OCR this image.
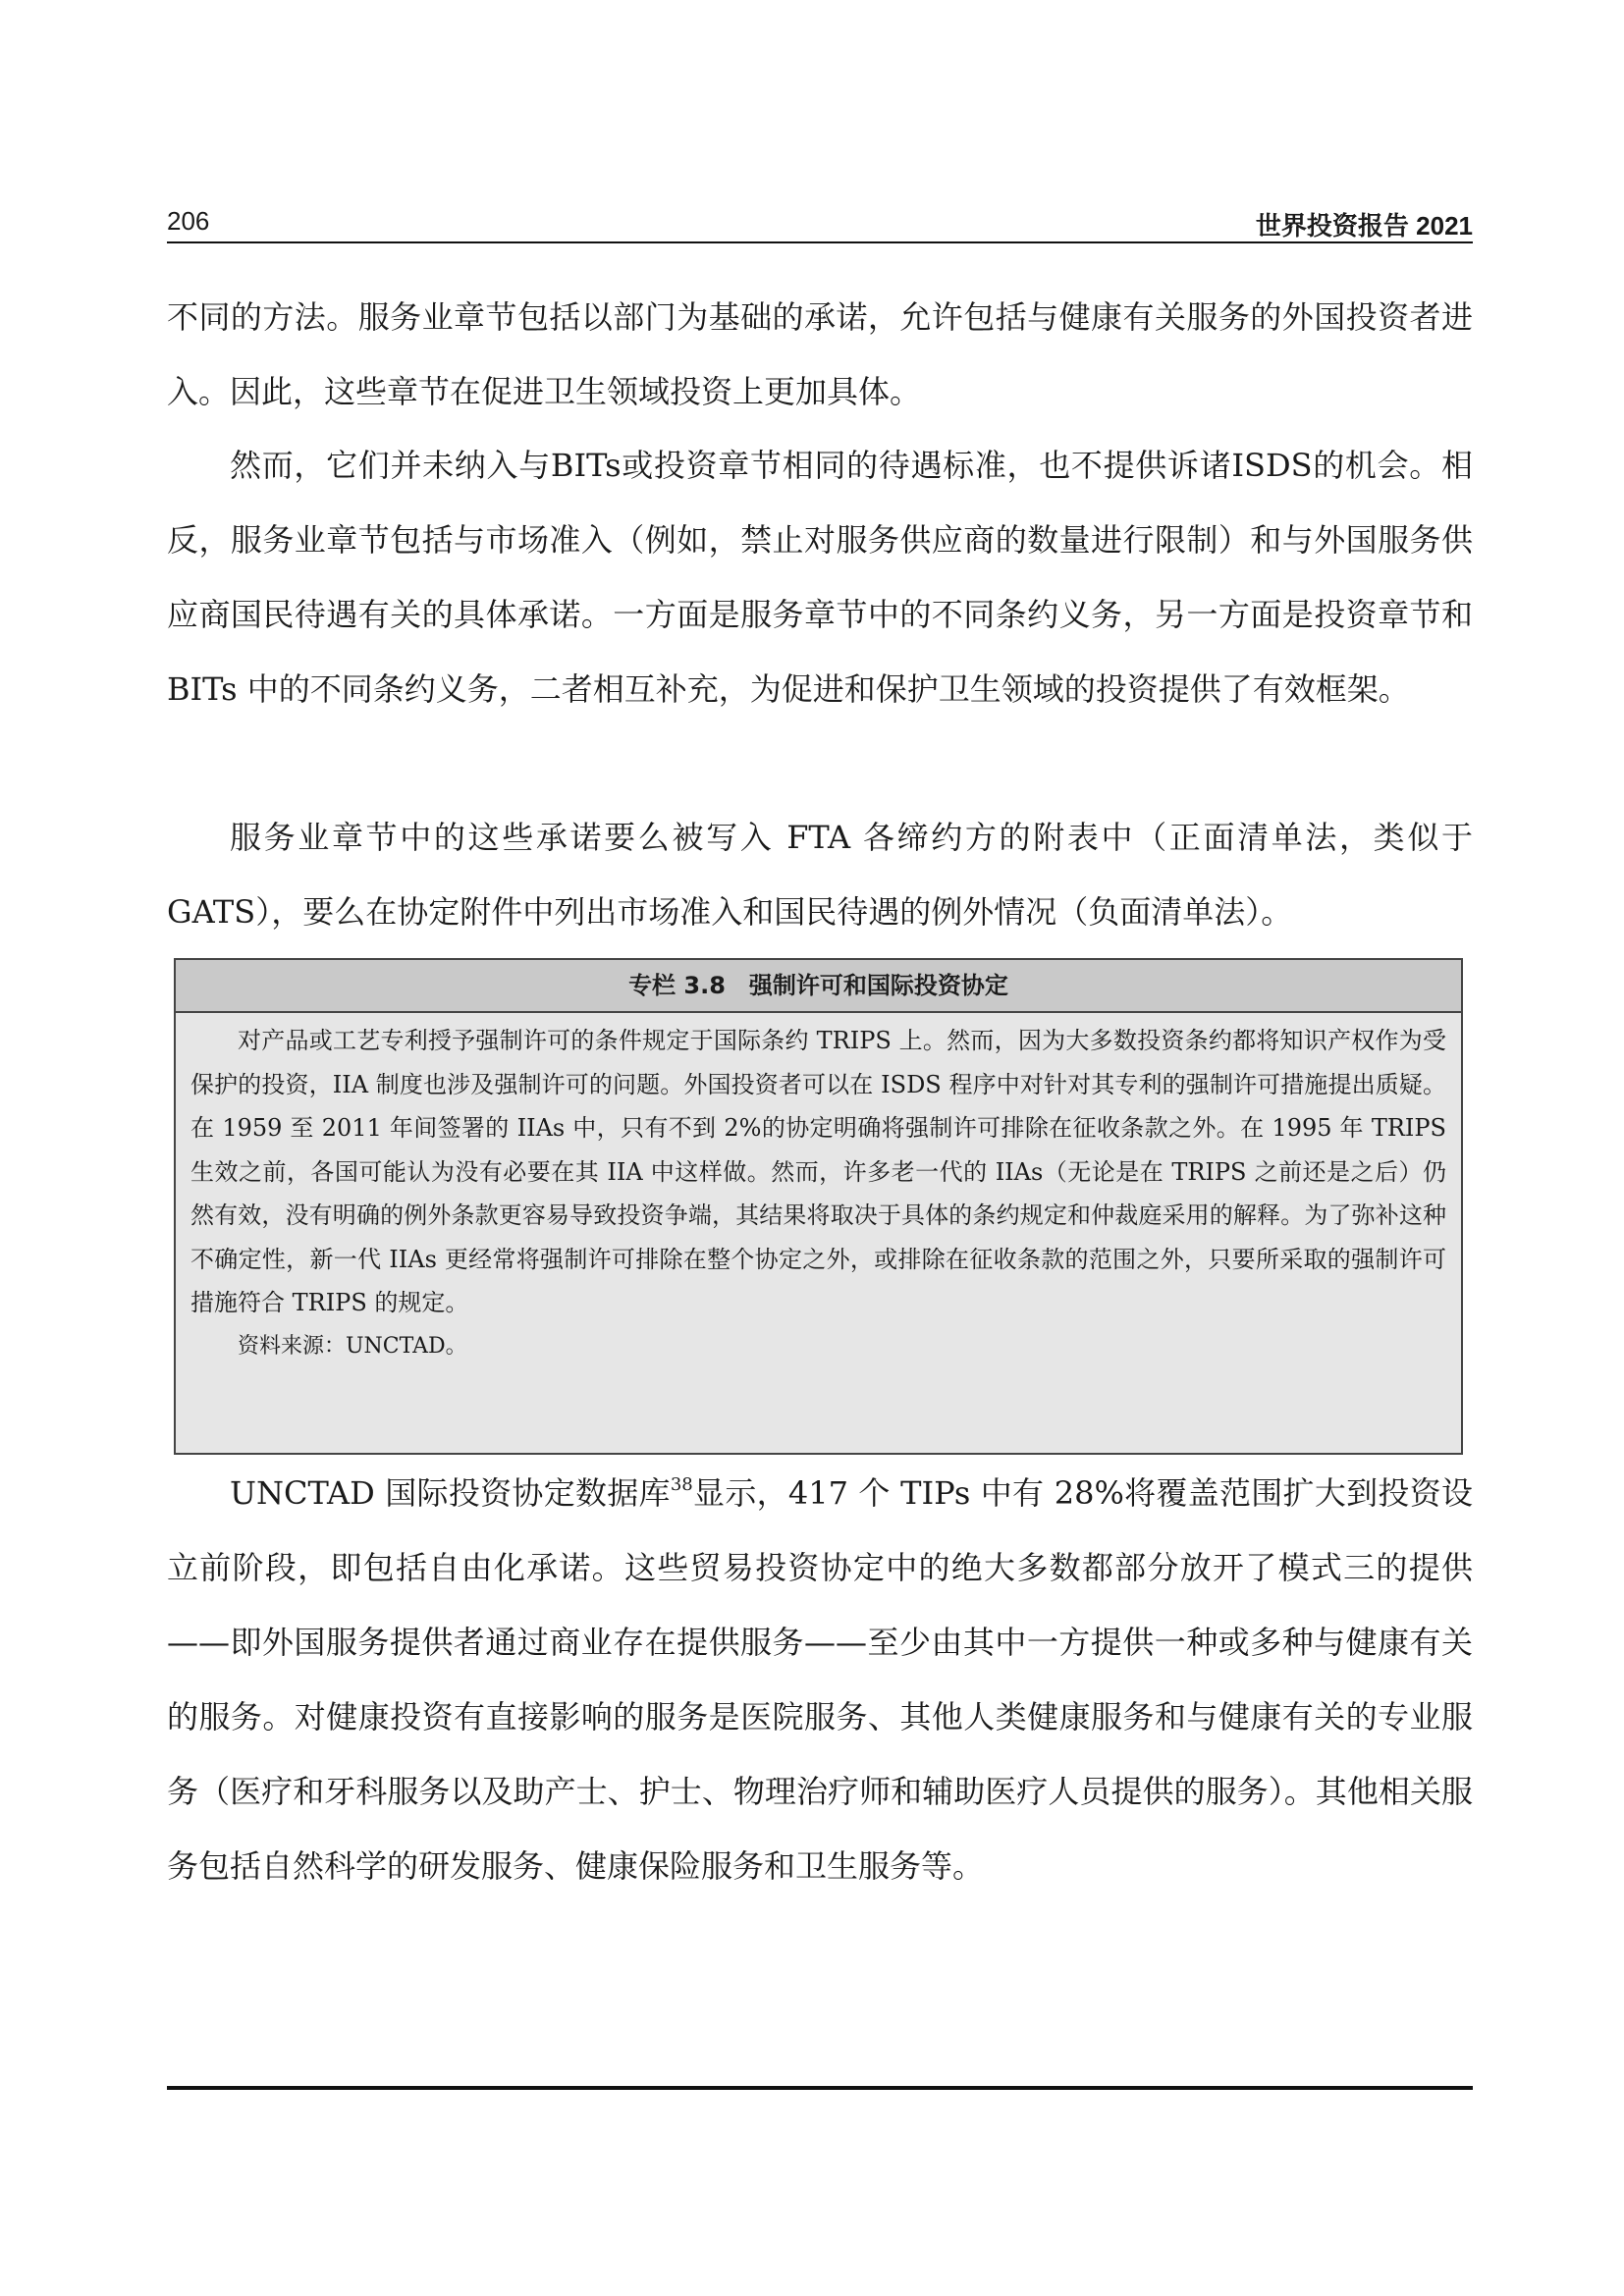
206	世界投资报告 2021

不同的方法。服务业章节包括以部门为基础的承诺，允许包括与健康有关服务的外国投资者进入。因此，这些章节在促进卫生领域投资上更加具体。

然而，它们并未纳入与BITs或投资章节相同的待遇标准，也不提供诉诸ISDS的机会。相反，服务业章节包括与市场准入（例如，禁止对服务供应商的数量进行限制）和与外国服务供应商国民待遇有关的具体承诺。一方面是服务章节中的不同条约义务，另一方面是投资章节和 BITs 中的不同条约义务，二者相互补充，为促进和保护卫生领域的投资提供了有效框架。

服务业章节中的这些承诺要么被写入 FTA 各缔约方的附表中（正面清单法，类似于GATS），要么在协定附件中列出市场准入和国民待遇的例外情况（负面清单法）。

专栏 3.8　强制许可和国际投资协定

对产品或工艺专利授予强制许可的条件规定于国际条约 TRIPS 上。然而，因为大多数投资条约都将知识产权作为受保护的投资，IIA 制度也涉及强制许可的问题。外国投资者可以在 ISDS 程序中对针对其专利的强制许可措施提出质疑。在 1959 至 2011 年间签署的 IIAs 中，只有不到 2%的协定明确将强制许可排除在征收条款之外。在 1995 年 TRIPS 生效之前，各国可能认为没有必要在其 IIA 中这样做。然而，许多老一代的 IIAs（无论是在 TRIPS 之前还是之后）仍然有效，没有明确的例外条款更容易导致投资争端，其结果将取决于具体的条约规定和仲裁庭采用的解释。为了弥补这种不确定性，新一代 IIAs 更经常将强制许可排除在整个协定之外，或排除在征收条款的范围之外，只要所采取的强制许可措施符合 TRIPS 的规定。

资料来源：UNCTAD。

UNCTAD 国际投资协定数据库$^{38}$显示，417 个 TIPs 中有 28%将覆盖范围扩大到投资设立前阶段，即包括自由化承诺。这些贸易投资协定中的绝大多数都部分放开了模式三的提供——即外国服务提供者通过商业存在提供服务——至少由其中一方提供一种或多种与健康有关的服务。对健康投资有直接影响的服务是医院服务、其他人类健康服务和与健康有关的专业服务（医疗和牙科服务以及助产士、护士、物理治疗师和辅助医疗人员提供的服务）。其他相关服务包括自然科学的研发服务、健康保险服务和卫生服务等。
